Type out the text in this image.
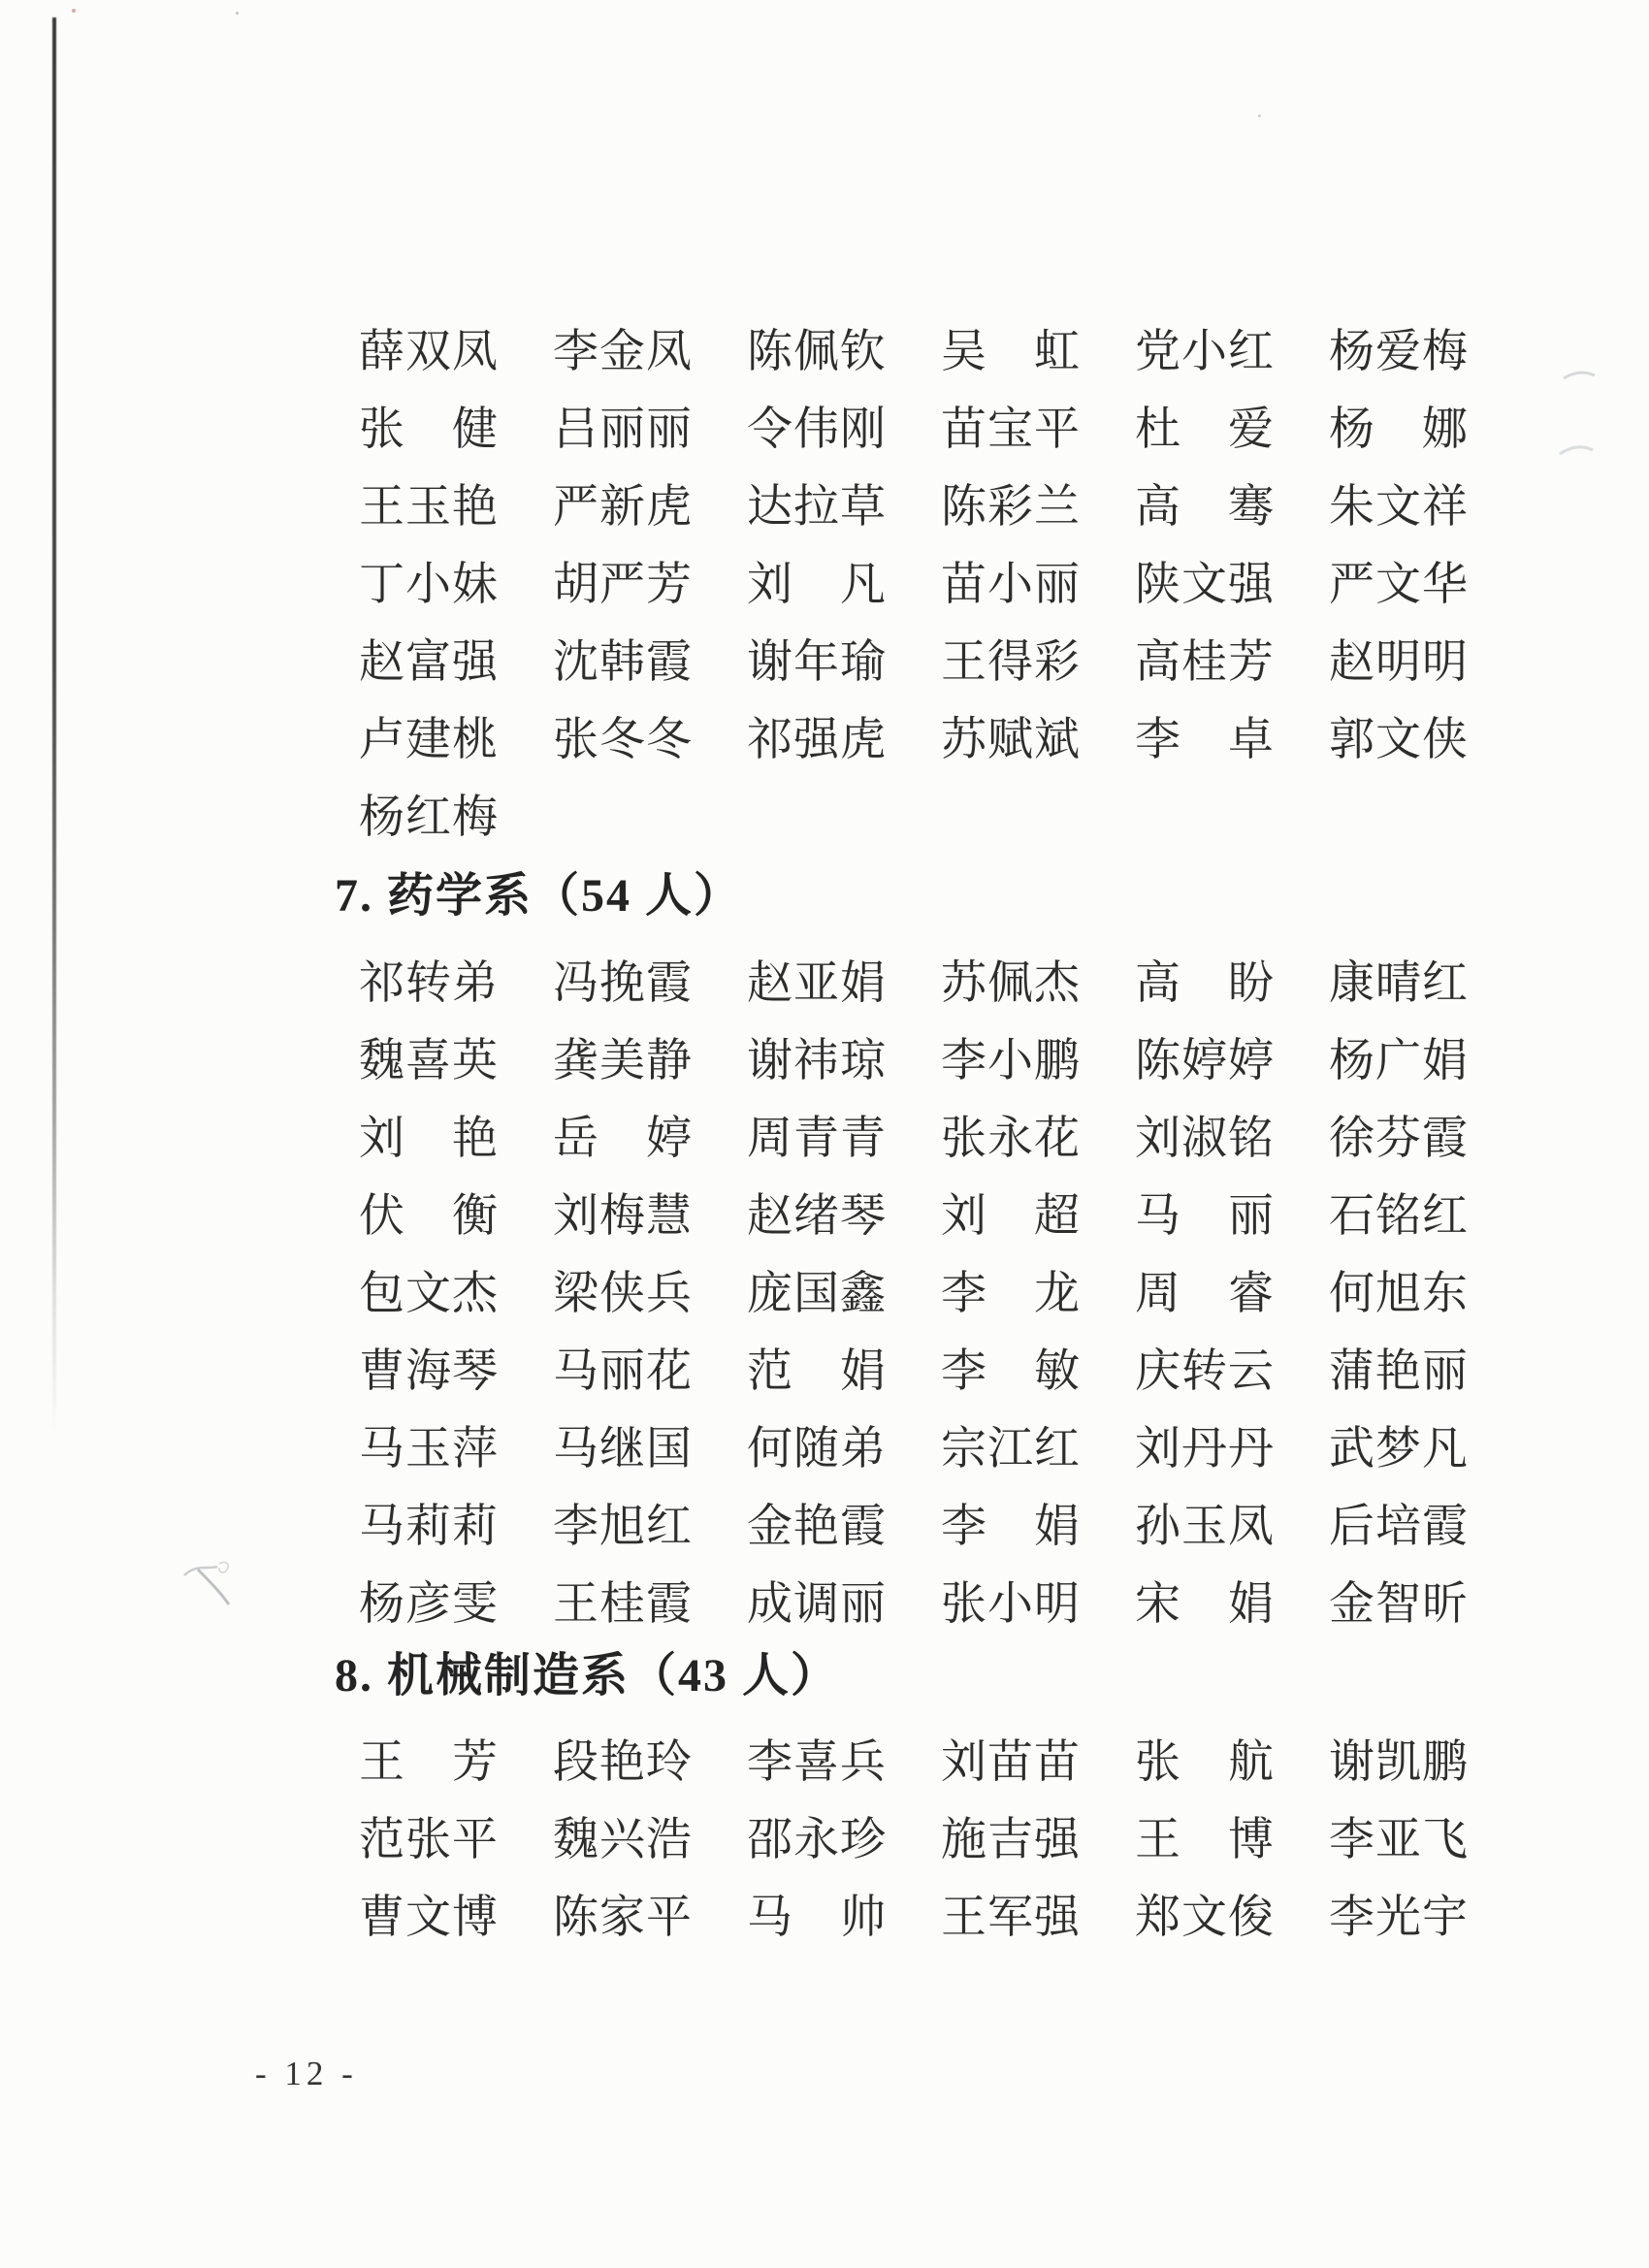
薛双凤	李金凤	陈佩钦	吴　虹	党小红	杨爱梅
张　健	吕丽丽	令伟刚	苗宝平	杜　爱	杨　娜
王玉艳	严新虎	达拉草	陈彩兰	高　骞	朱文祥
丁小妹	胡严芳	刘　凡	苗小丽	陕文强	严文华
赵富强	沈韩霞	谢年瑜	王得彩	高桂芳	赵明明
卢建桃	张冬冬	祁强虎	苏赋斌	李　卓	郭文侠
杨红梅
7. 药学系（54 人）
祁转弟	冯挽霞	赵亚娟	苏佩杰	高　盼	康晴红
魏喜英	龚美静	谢祎琼	李小鹏	陈婷婷	杨广娟
刘　艳	岳　婷	周青青	张永花	刘淑铭	徐芬霞
伏　衡	刘梅慧	赵绪琴	刘　超	马　丽	石铭红
包文杰	梁侠兵	庞国鑫	李　龙	周　睿	何旭东
曹海琴	马丽花	范　娟	李　敏	庆转云	蒲艳丽
马玉萍	马继国	何随弟	宗江红	刘丹丹	武梦凡
马莉莉	李旭红	金艳霞	李　娟	孙玉凤	后培霞
杨彦雯	王桂霞	成调丽	张小明	宋　娟	金智昕
8. 机械制造系（43 人）
王　芳	段艳玲	李喜兵	刘苗苗	张　航	谢凯鹏
范张平	魏兴浩	邵永珍	施吉强	王　博	李亚飞
曹文博	陈家平	马　帅	王军强	郑文俊	李光宇
- 12 -
